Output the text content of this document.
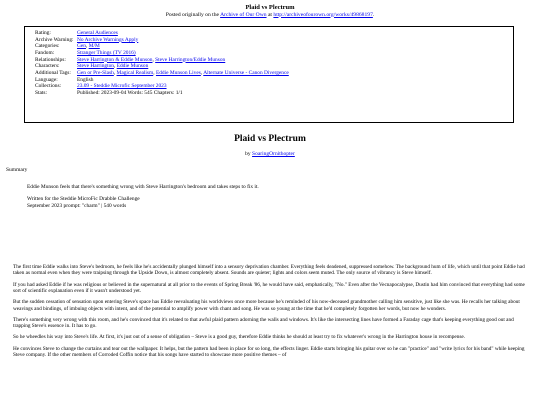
Plaid vs Plectrum
Posted originally on the Archive of Our Own at http://archiveofourown.org/works/49868197.
Rating:	General Audiences
Archive Warning: No Archive Warnings Apply
Categories:	Gen, M/M
Fandom:	Stranger Things (TV 2016)
Relationships:	Steve Harrington & Eddie Munson, Steve Harrington/Eddie Munson
Characters:	Steve Harrington, Eddie Munson
Additional Tags:	Gen or Pre-Slash, Magical Realism, Eddie Munson Lives, Alternate Universe - Canon Divergence
Language:	English
Collections:	23.09 - Steddie Microfic September 2023
Stats:	Published: 2023-09-04 Words: 545 Chapters: 1/1
Plaid vs Plectrum
by SoaringOrnithopter
Summary

Eddie Munson feels that there's something wrong with Steve Harrington's bedroom and takes steps to fix it.

Written for the Steddie MicroFic Drabble Challenge
September 2023 prompt: "charm" | 540 words

The first time Eddie walks into Steve's bedroom, he feels like he's accidentally plunged himself into a sensory deprivation chamber. Everything feels deadened, suppressed somehow. The background hum of life, which until that point Eddie had taken as normal even when they were traipsing through the Upside Down, is almost completely absent. Sounds are quieter; lights and colors seem muted. The only source of vibrancy is Steve himself.

If you had asked Eddie if he was religious or believed in the supernatural at all prior to the events of Spring Break '86, he would have said, emphatically, "No." Even after the Vecnapocalypse, Dustin had him convinced that everything had some sort of scientific explanation even if it wasn't understood yet.

But the sudden cessation of sensation upon entering Steve's space has Eddie reevaluating his worldviews once more because he's reminded of his now-deceased grandmother calling him sensitive, just like she was. He recalls her talking about weavings and bindings, of imbuing objects with intent, and of the potential to amplify power with chant and song. He was so young at the time that he'd completely forgotten her words, but now he wonders.

There's something very wrong with this room, and he's convinced that it's related to that awful plaid pattern adorning the walls and windows. It's like the intersecting lines have formed a Faraday cage that's keeping everything good out and trapping Steve's essence in. It has to go.

So he wheedles his way into Steve's life. At first, it's just out of a sense of obligation – Steve is a good guy, therefore Eddie thinks he should at least try to fix whatever's wrong in the Harrington house in recompense.

He convinces Steve to change the curtains and tear out the wallpaper. It helps, but the pattern had been in place for so long, the effects linger. Eddie starts bringing his guitar over so he can "practice" and "write lyrics for his band" while keeping Steve company. If the other members of Corroded Coffin notice that his songs have started to showcase more positive themes – of
